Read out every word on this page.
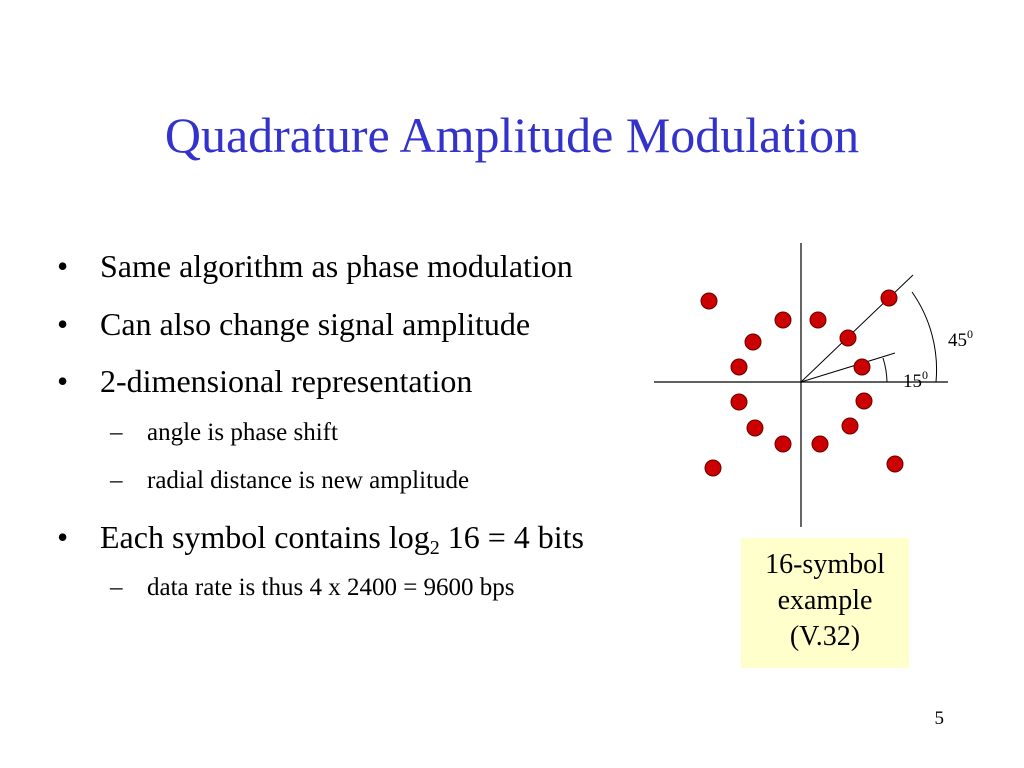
Quadrature Amplitude Modulation
• Same algorithm as phase modulation
• Can also change signal amplitude
• 2-dimensional representation
– angle is phase shift
– radial distance is new amplitude
• Each symbol contains $\log_2 16 = 4$ bits
– data rate is thus 4 x 2400 = 9600 bps
$45^0$
$15^0$
16-symbol
example
(V.32)
5
